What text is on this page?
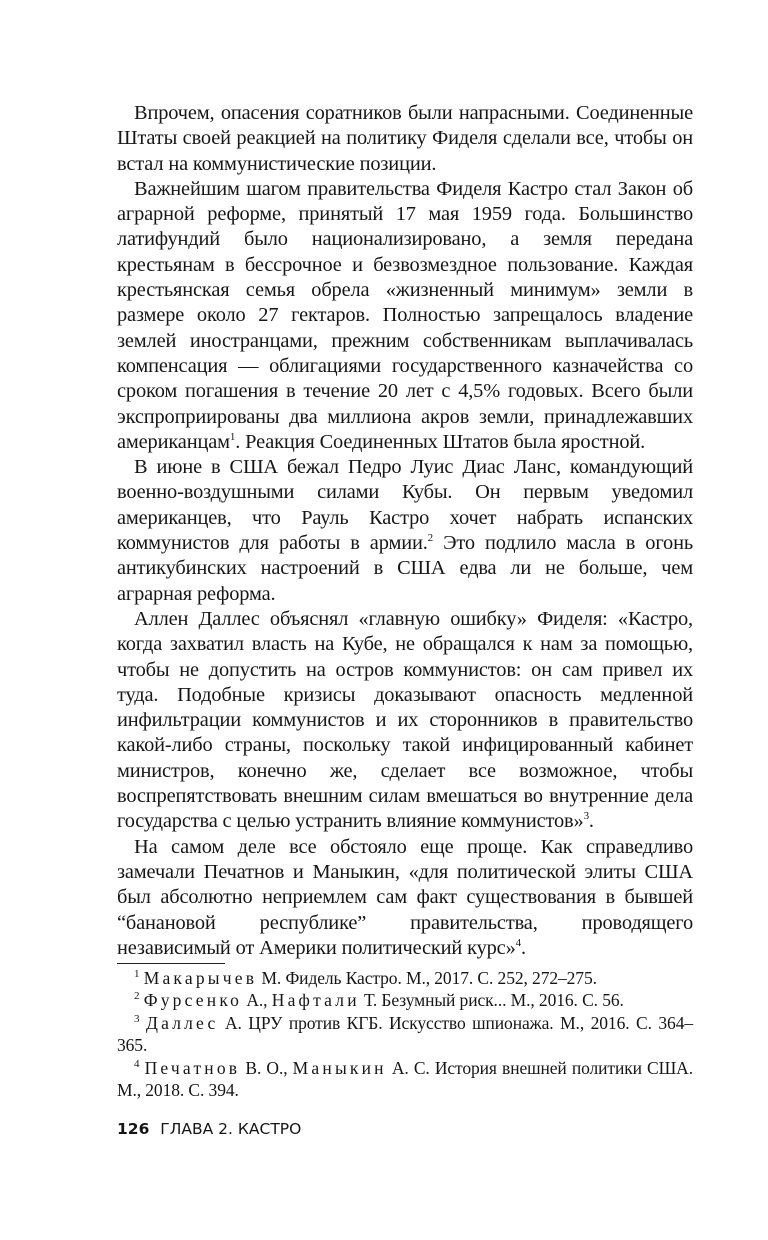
Впрочем, опасения соратников были напрасными. Соединенные Штаты своей реакцией на политику Фиделя сделали все, чтобы он встал на коммунистические позиции.

Важнейшим шагом правительства Фиделя Кастро стал Закон об аграрной реформе, принятый 17 мая 1959 года. Большинство латифундий было национализировано, а земля передана крестьянам в бессрочное и безвозмездное пользование. Каждая крестьянская семья обрела «жизненный минимум» земли в размере около 27 гектаров. Полностью запрещалось владение землей иностранцами, прежним собственникам выплачивалась компенсация — облигациями государственного казначейства со сроком погашения в течение 20 лет с 4,5% годовых. Всего были экспроприированы два миллиона акров земли, принадлежавших американцам$^1$. Реакция Соединенных Штатов была яростной.

В июне в США бежал Педро Луис Диас Ланс, командующий военно-воздушными силами Кубы. Он первым уведомил американцев, что Рауль Кастро хочет набрать испанских коммунистов для работы в армии.$^2$ Это подлило масла в огонь антикубинских настроений в США едва ли не больше, чем аграрная реформа.

Аллен Даллес объяснял «главную ошибку» Фиделя: «Кастро, когда захватил власть на Кубе, не обращался к нам за помощью, чтобы не допустить на остров коммунистов: он сам привел их туда. Подобные кризисы доказывают опасность медленной инфильтрации коммунистов и их сторонников в правительство какой-либо страны, поскольку такой инфицированный кабинет министров, конечно же, сделает все возможное, чтобы воспрепятствовать внешним силам вмешаться во внутренние дела государства с целью устранить влияние коммунистов»$^3$.

На самом деле все обстояло еще проще. Как справедливо замечали Печатнов и Маныкин, «для политической элиты США был абсолютно неприемлем сам факт существования в бывшей “банановой республике” правительства, проводящего независимый от Америки политический курс»$^4$.

$^1$ Макарычев М. Фидель Кастро. М., 2017. С. 252, 272–275.

$^2$ Фурсенко А., Нафтали Т. Безумный риск... М., 2016. С. 56.

$^3$ Даллес А. ЦРУ против КГБ. Искусство шпионажа. М., 2016. С. 364–365.

$^4$ Печатнов В. О., Маныкин А. С. История внешней политики США. М., 2018. С. 394.

126 ГЛАВА 2. КАСТРО
